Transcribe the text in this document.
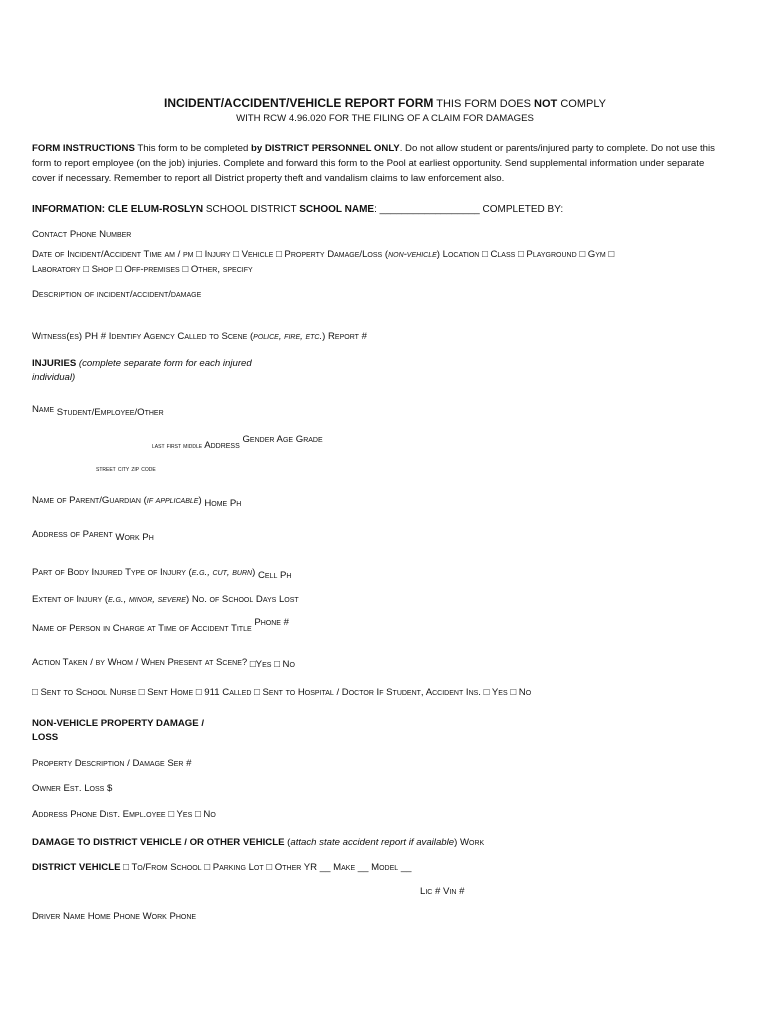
INCIDENT/ACCIDENT/VEHICLE REPORT FORM THIS FORM DOES NOT COMPLY
WITH RCW 4.96.020 FOR THE FILING OF A CLAIM FOR DAMAGES
FORM INSTRUCTIONS This form to be completed by DISTRICT PERSONNEL ONLY. Do not allow student or parents/injured party to complete. Do not use this form to report employee (on the job) injuries. Complete and forward this form to the Pool at earliest opportunity. Send supplemental information under separate cover if necessary. Remember to report all District property theft and vandalism claims to law enforcement also.
INFORMATION: CLE ELUM-ROSLYN SCHOOL DISTRICT SCHOOL NAME: __________________ COMPLETED BY:
Contact Phone Number
Date of Incident/Accident Time am / pm □ Injury □ Vehicle □ Property Damage/Loss (non-vehicle) Location □ Class □ Playground □ Gym □
Laboratory □ Shop □ Off-premises □ Other, specify
Description of incident/accident/damage
Witness(es) PH # Identify Agency Called to Scene (police, fire, etc.) Report #
INJURIES (complete separate form for each injured
individual)
Name Student/Employee/Other
last first middle Address Gender Age Grade
street city zip code
Name of Parent/Guardian (if applicable) Home Ph
Address of Parent Work Ph
Part of Body Injured Type of Injury (e.g., cut, burn) Cell Ph
Extent of Injury (e.g., minor, severe) No. of School Days Lost
Name of Person in Charge at Time of Accident Title Phone #
Action Taken / by Whom / When Present at Scene? □Yes □ No
□ Sent to School Nurse □ Sent Home □ 911 Called □ Sent to Hospital / Doctor If Student, Accident Ins. □ Yes □ No
NON-VEHICLE PROPERTY DAMAGE /
LOSS
Property Description / Damage Ser #
Owner Est. Loss $
Address Phone Dist. Empl.oyee □ Yes □ No
DAMAGE TO DISTRICT VEHICLE / OR OTHER VEHICLE (attach state accident report if available) Work
DISTRICT VEHICLE □ To/From School □ Parking Lot □ Other YR __ Make __ Model __
Lic # Vin #
Driver Name Home Phone Work Phone
